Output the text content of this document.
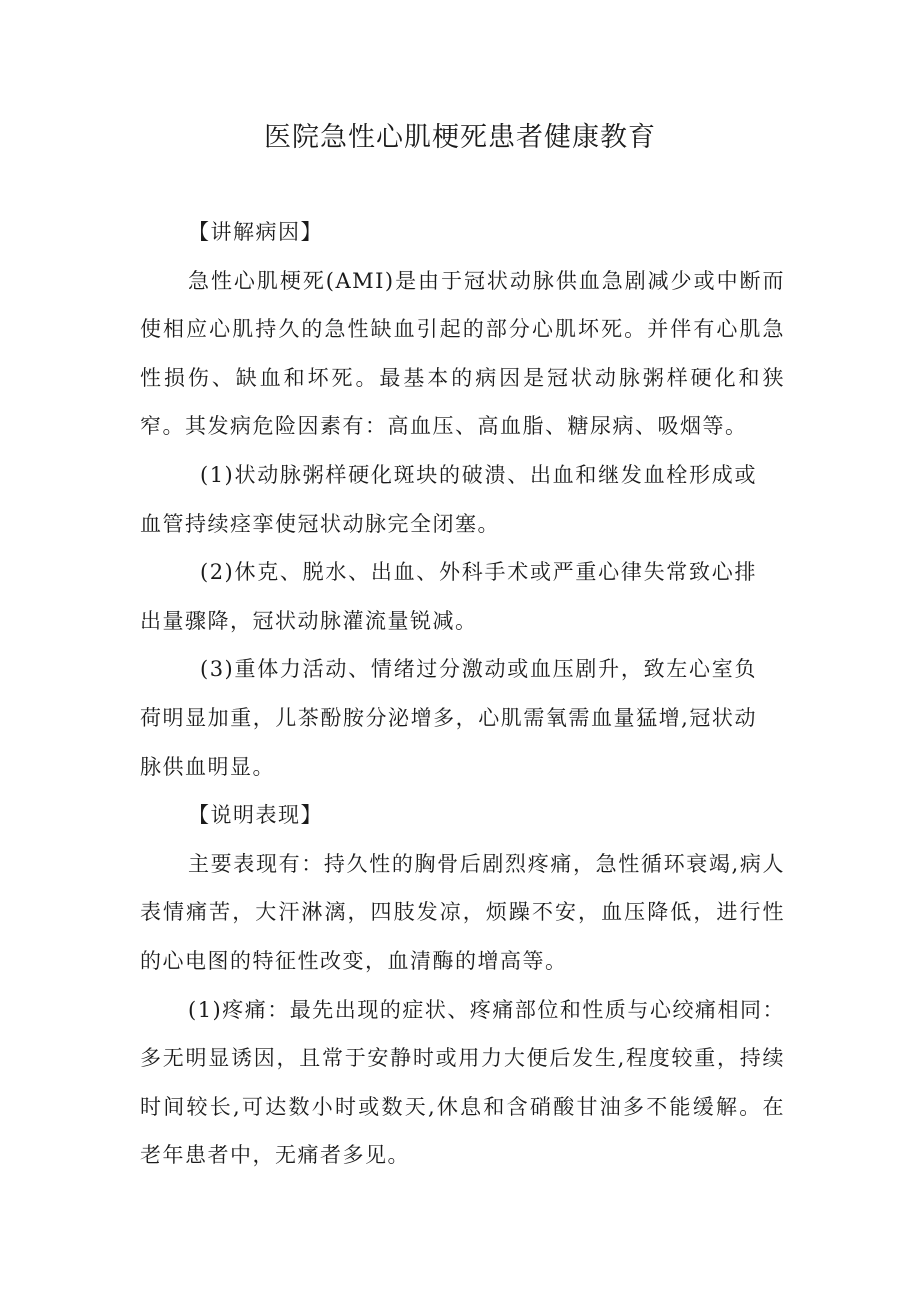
医院急性心肌梗死患者健康教育
【讲解病因】

急性心肌梗死(AMI)是由于冠状动脉供血急剧减少或中断而使相应心肌持久的急性缺血引起的部分心肌坏死。并伴有心肌急性损伤、缺血和坏死。最基本的病因是冠状动脉粥样硬化和狭窄。其发病危险因素有：高血压、高血脂、糖尿病、吸烟等。

(1)状动脉粥样硬化斑块的破溃、出血和继发血栓形成或血管持续痉挛使冠状动脉完全闭塞。

(2)休克、脱水、出血、外科手术或严重心律失常致心排出量骤降，冠状动脉灌流量锐减。

(3)重体力活动、情绪过分激动或血压剧升，致左心室负荷明显加重，儿茶酚胺分泌增多，心肌需氧需血量猛增,冠状动脉供血明显。

【说明表现】

主要表现有：持久性的胸骨后剧烈疼痛，急性循环衰竭,病人表情痛苦，大汗淋漓，四肢发凉，烦躁不安，血压降低，进行性的心电图的特征性改变，血清酶的增高等。

(1)疼痛：最先出现的症状、疼痛部位和性质与心绞痛相同：多无明显诱因，且常于安静时或用力大便后发生,程度较重，持续时间较长,可达数小时或数天,休息和含硝酸甘油多不能缓解。在老年患者中，无痛者多见。
